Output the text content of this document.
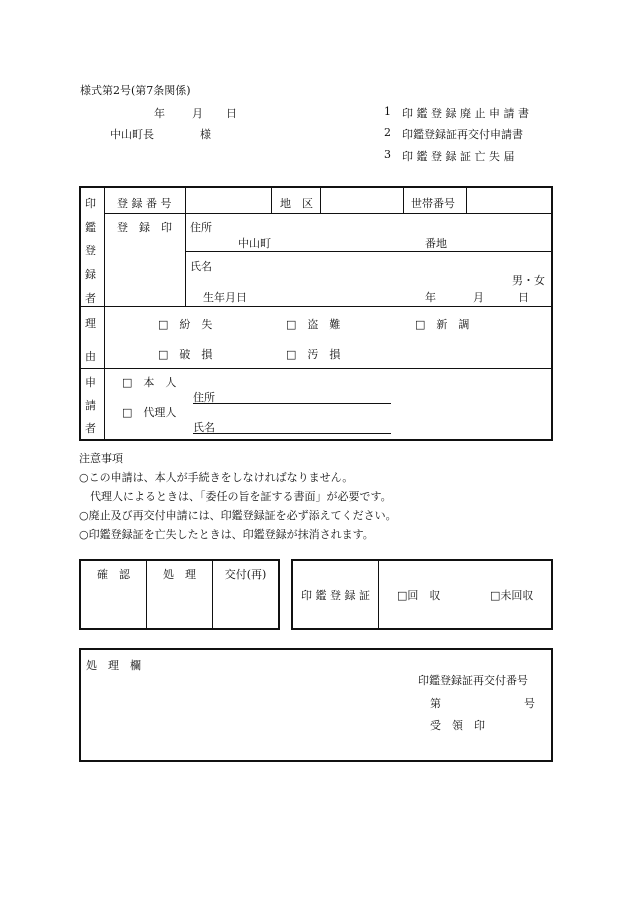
様式第2号(第7条関係)
年 月 日
中山町長	様
1 印 鑑 登 録 廃 止 申 請 書
2 印鑑登録証再交付申請書
3 印 鑑 登 録 証 亡 失 届
印
鑑
登
録
者
登 録 番 号	地　区	世帯番号
登　録　印 住所
中山町	番地
氏名
男・女
生年月日	年	月	日
理
由
□　紛　失	□　盗　難	□　新　調
□　破　損	□　汚　損
申
請
者
□　本　人
□　代理人
住所
氏名
注意事項
○この申請は、本人が手続きをしなければなりません。
　代理人によるときは、「委任の旨を証する書面」が必要です。
○廃止及び再交付申請には、印鑑登録証を必ず添えてください。
○印鑑登録証を亡失したときは、印鑑登録が抹消されます。
確　認	処　理	交付(再)
印 鑑 登 録 証	□回　収	□未回収
処　理　欄
印鑑登録証再交付番号
第	号
受　領　印
